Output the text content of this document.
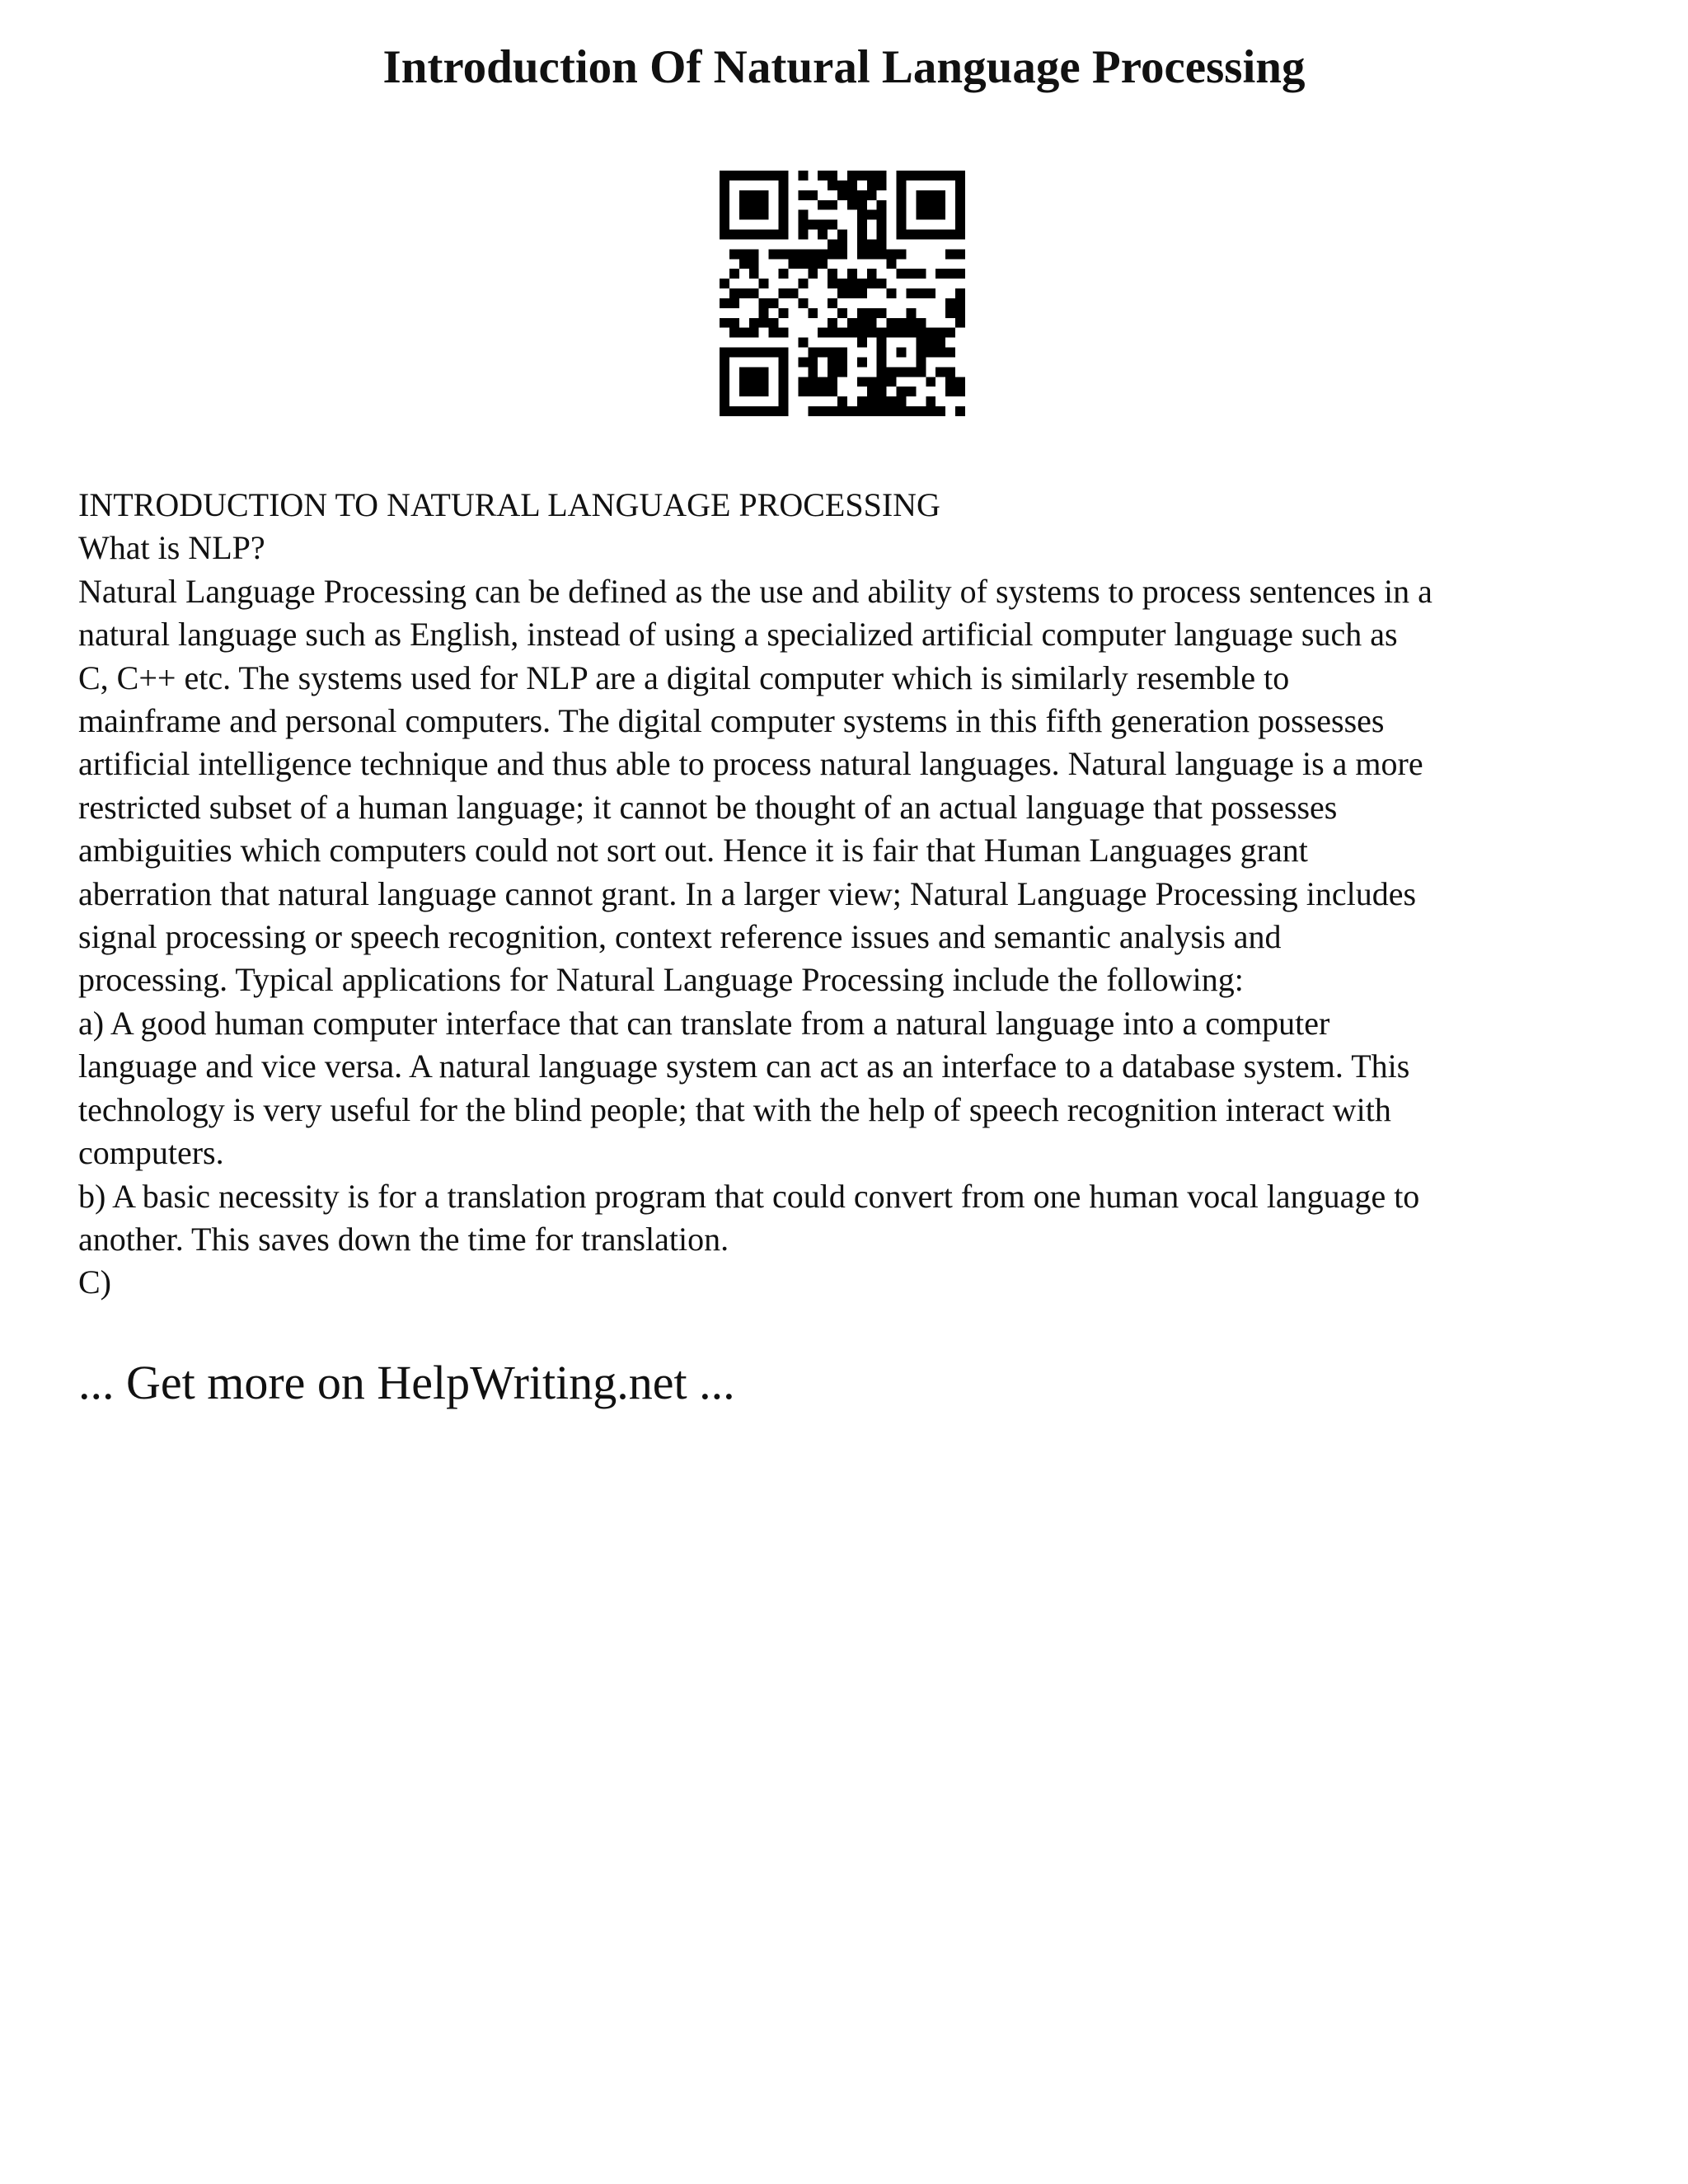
Introduction Of Natural Language Processing
INTRODUCTION TO NATURAL LANGUAGE PROCESSING
What is NLP?
Natural Language Processing can be defined as the use and ability of systems to process sentences in a
natural language such as English, instead of using a specialized artificial computer language such as
C, C++ etc. The systems used for NLP are a digital computer which is similarly resemble to
mainframe and personal computers. The digital computer systems in this fifth generation possesses
artificial intelligence technique and thus able to process natural languages. Natural language is a more
restricted subset of a human language; it cannot be thought of an actual language that possesses
ambiguities which computers could not sort out. Hence it is fair that Human Languages grant
aberration that natural language cannot grant. In a larger view; Natural Language Processing includes
signal processing or speech recognition, context reference issues and semantic analysis and
processing. Typical applications for Natural Language Processing include the following:
a) A good human computer interface that can translate from a natural language into a computer
language and vice versa. A natural language system can act as an interface to a database system. This
technology is very useful for the blind people; that with the help of speech recognition interact with
computers.
b) A basic necessity is for a translation program that could convert from one human vocal language to
another. This saves down the time for translation.
C)
... Get more on HelpWriting.net ...
